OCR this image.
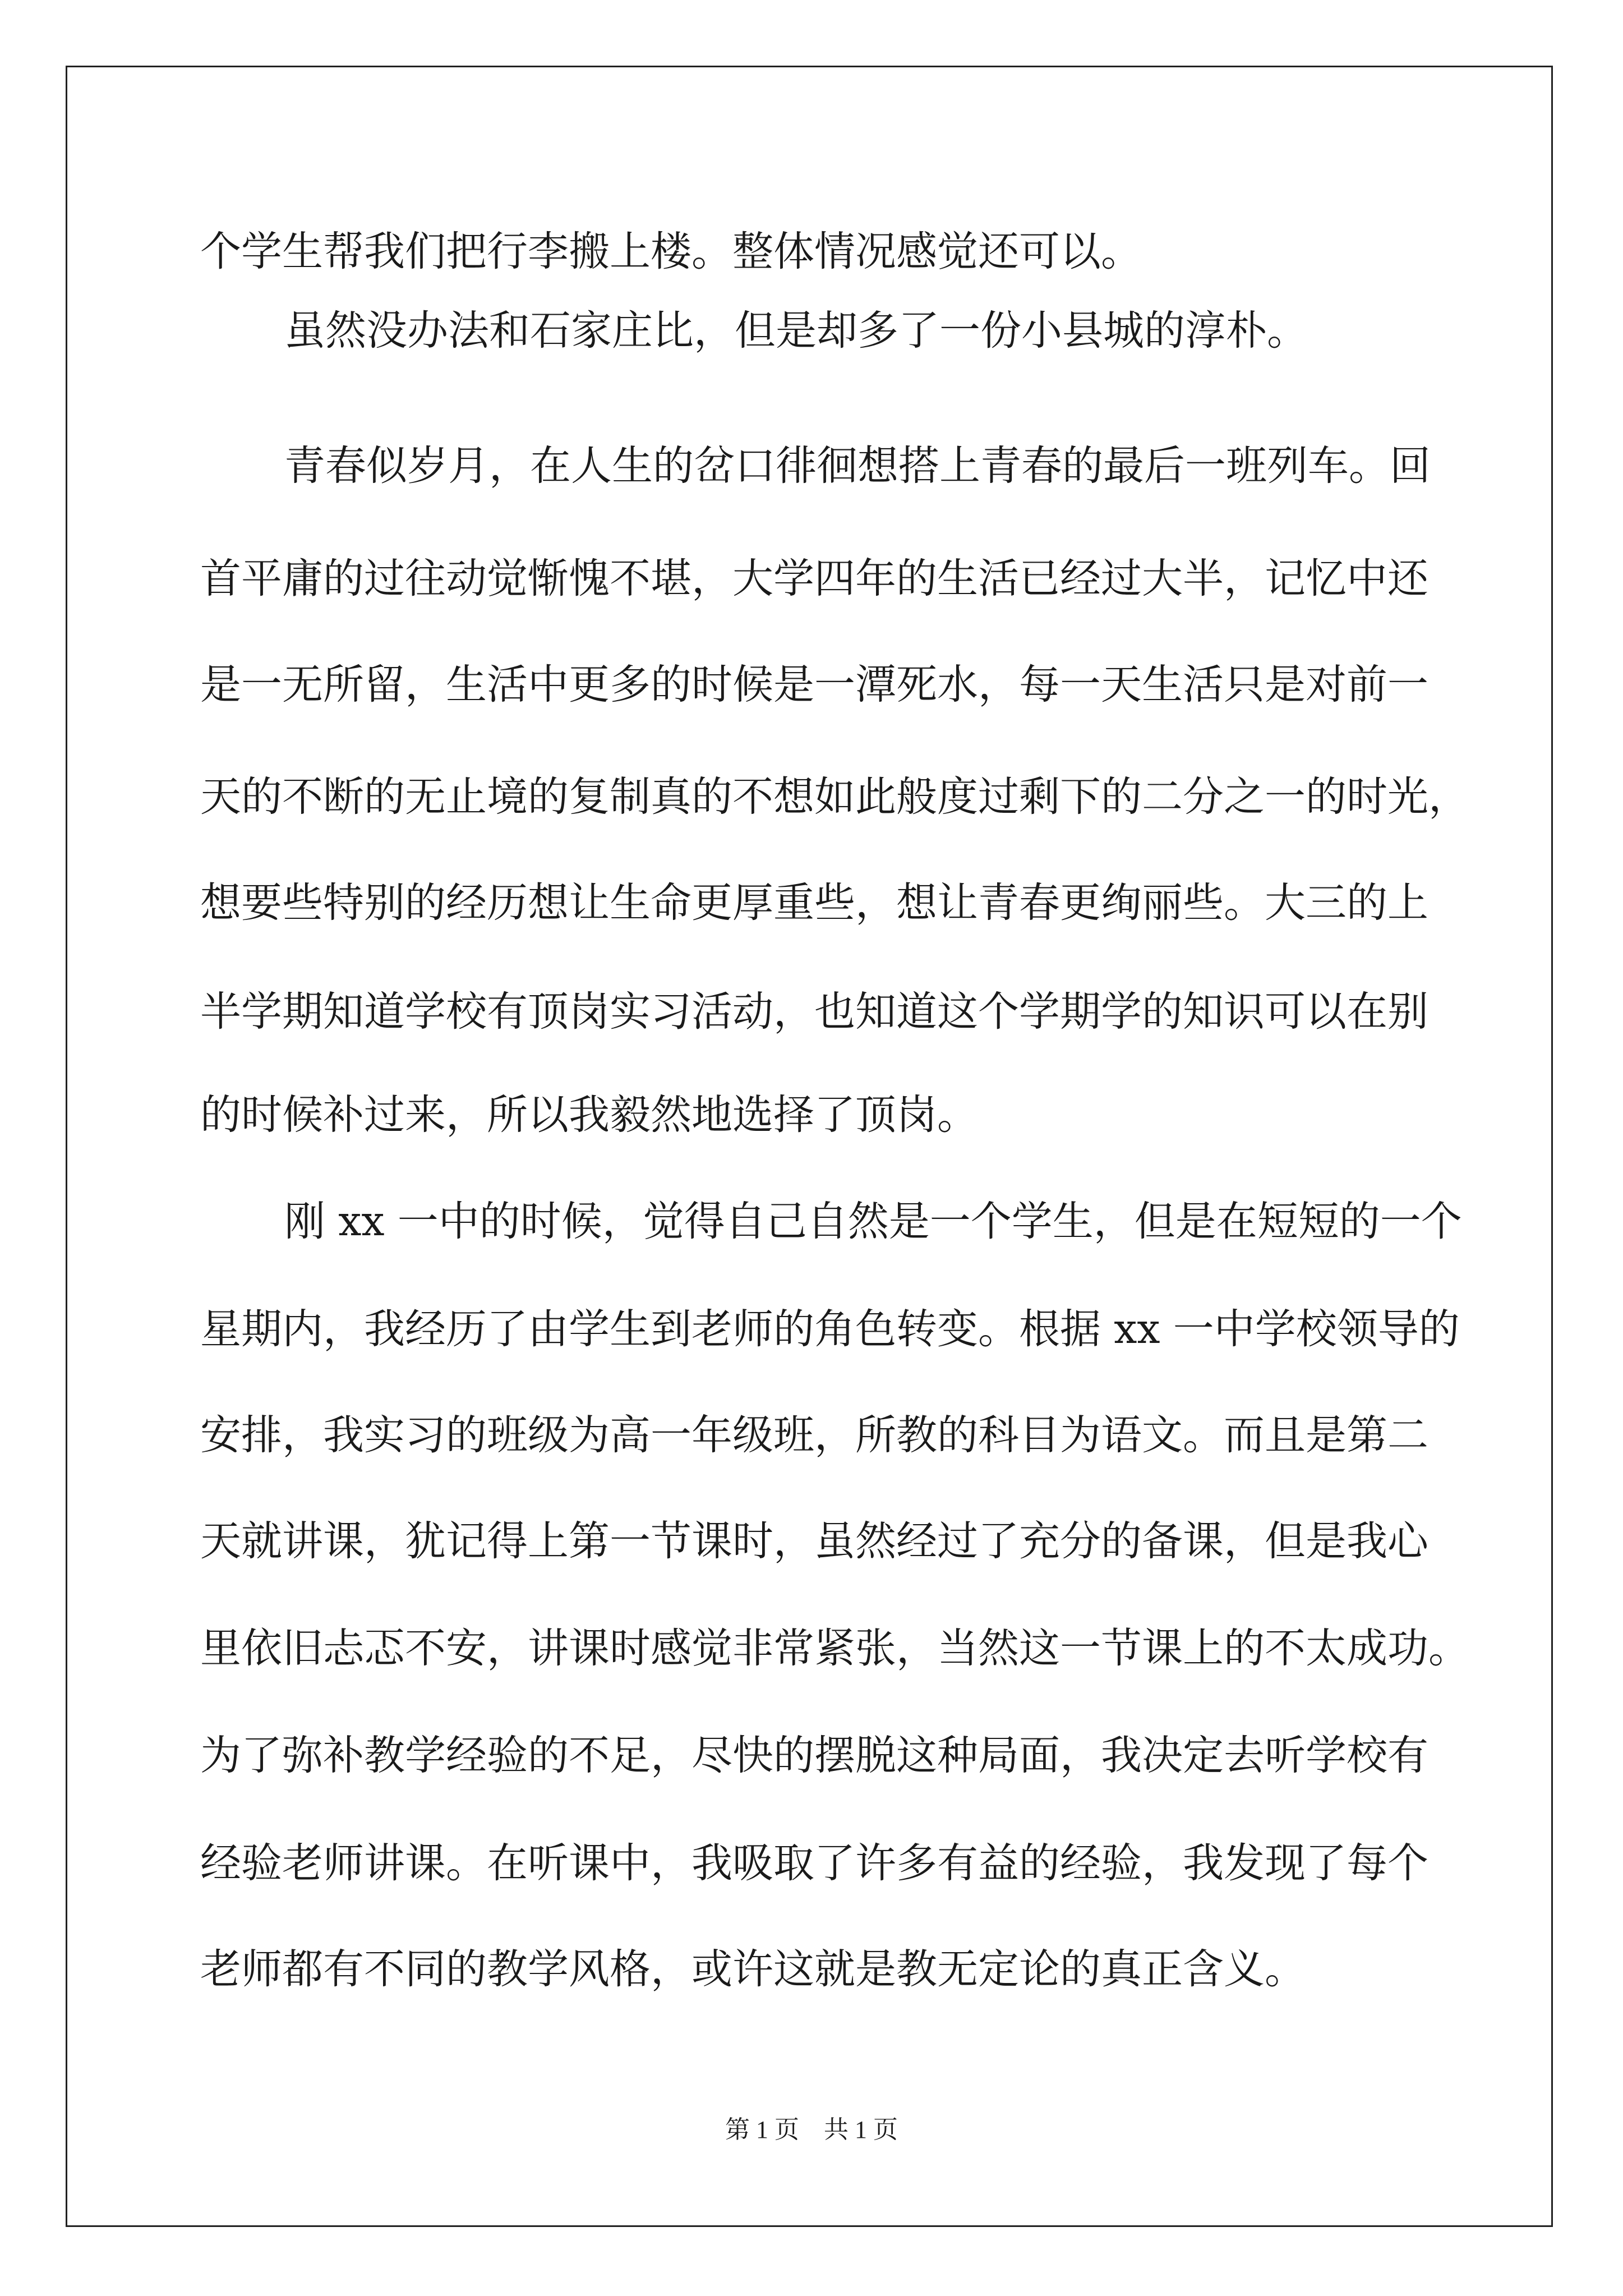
个学生帮我们把行李搬上楼。整体情况感觉还可以。

虽然没办法和石家庄比，但是却多了一份小县城的淳朴。

青春似岁月，在人生的岔口徘徊想搭上青春的最后一班列车。回

首平庸的过往动觉惭愧不堪，大学四年的生活已经过大半，记忆中还

是一无所留，生活中更多的时候是一潭死水，每一天生活只是对前一

天的不断的无止境的复制真的不想如此般度过剩下的二分之一的时光，

想要些特别的经历想让生命更厚重些，想让青春更绚丽些。大三的上

半学期知道学校有顶岗实习活动，也知道这个学期学的知识可以在别

的时候补过来，所以我毅然地选择了顶岗。

刚 xx 一中的时候，觉得自己自然是一个学生，但是在短短的一个

星期内，我经历了由学生到老师的角色转变。根据 xx 一中学校领导的

安排，我实习的班级为高一年级班，所教的科目为语文。而且是第二

天就讲课，犹记得上第一节课时，虽然经过了充分的备课，但是我心

里依旧忐忑不安，讲课时感觉非常紧张，当然这一节课上的不太成功。

为了弥补教学经验的不足，尽快的摆脱这种局面，我决定去听学校有

经验老师讲课。在听课中，我吸取了许多有益的经验，我发现了每个

老师都有不同的教学风格，或许这就是教无定论的真正含义。

第 1 页    共 1 页
